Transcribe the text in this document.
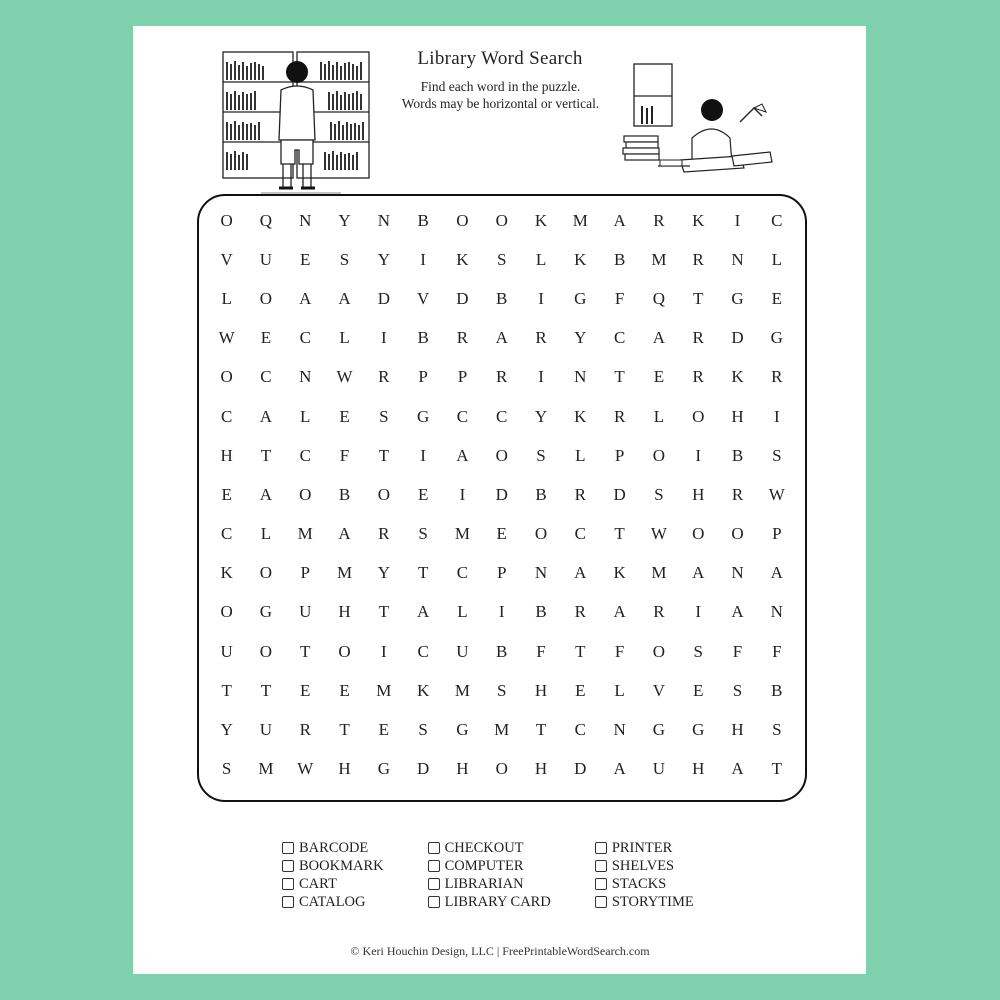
Library Word Search
Find each word in the puzzle.
Words may be horizontal or vertical.
O	Q	N	Y	N	B	O	O	K	M	A	R	K	I	C
V	U	E	S	Y	I	K	S	L	K	B	M	R	N	L
L	O	A	A	D	V	D	B	I	G	F	Q	T	G	E
W	E	C	L	I	B	R	A	R	Y	C	A	R	D	G
O	C	N	W	R	P	P	R	I	N	T	E	R	K	R
C	A	L	E	S	G	C	C	Y	K	R	L	O	H	I
H	T	C	F	T	I	A	O	S	L	P	O	I	B	S
E	A	O	B	O	E	I	D	B	R	D	S	H	R	W
C	L	M	A	R	S	M	E	O	C	T	W	O	O	P
K	O	P	M	Y	T	C	P	N	A	K	M	A	N	A
O	G	U	H	T	A	L	I	B	R	A	R	I	A	N
U	O	T	O	I	C	U	B	F	T	F	O	S	F	F
T	T	E	E	M	K	M	S	H	E	L	V	E	S	B
Y	U	R	T	E	S	G	M	T	C	N	G	G	H	S
S	M	W	H	G	D	H	O	H	D	A	U	H	A	T
BARCODE
BOOKMARK
CART
CATALOG
CHECKOUT
COMPUTER
LIBRARIAN
LIBRARY CARD
PRINTER
SHELVES
STACKS
STORYTIME
© Keri Houchin Design, LLC | FreePrintableWordSearch.com
